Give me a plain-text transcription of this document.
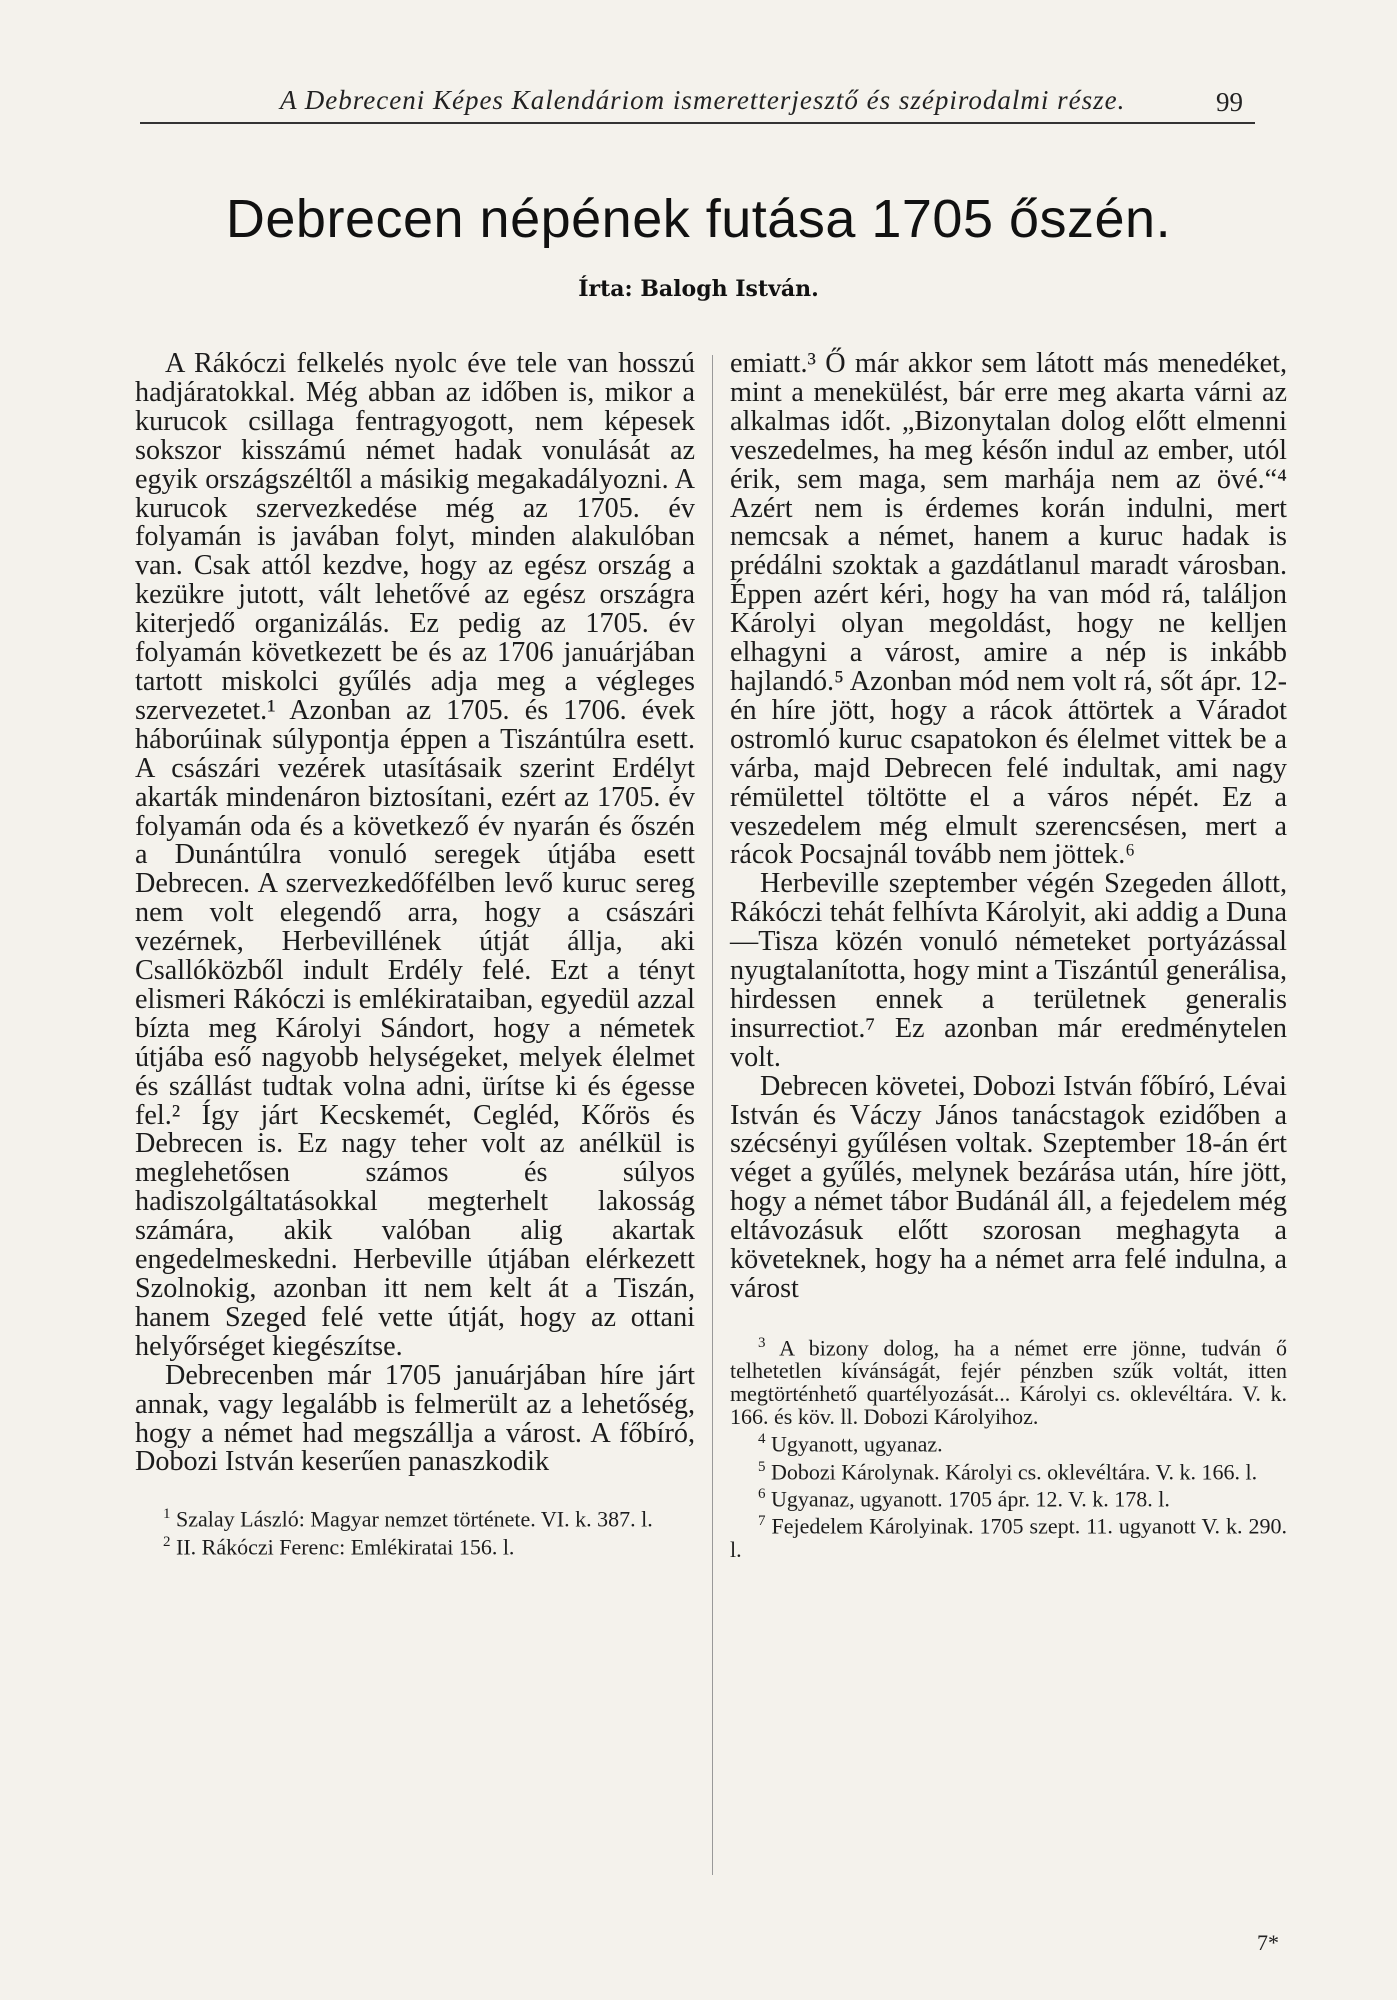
A Debreceni Képes Kalendáriom ismeretterjesztő és szépirodalmi része.	99
Debrecen népének futása 1705 őszén.
Írta: Balogh István.

A Rákóczi felkelés nyolc éve tele van hosszú hadjáratokkal. Még abban az időben is, mikor a kurucok csillaga fentragyogott, nem képesek sokszor kisszámú német hadak vonulását az egyik országszéltől a másikig megakadályozni. A kurucok szervezkedése még az 1705. év folyamán is javában folyt, minden alakulóban van. Csak attól kezdve, hogy az egész ország a kezükre jutott, vált lehetővé az egész országra kiterjedő organizálás. Ez pedig az 1705. év folyamán következett be és az 1706 januárjában tartott miskolci gyűlés adja meg a végleges szervezetet.¹ Azonban az 1705. és 1706. évek háborúinak súlypontja éppen a Tiszántúlra esett. A császári vezérek utasításaik szerint Erdélyt akarták mindenáron biztosítani, ezért az 1705. év folyamán oda és a következő év nyarán és őszén a Dunántúlra vonuló seregek útjába esett Debrecen. A szervezkedőfélben levő kuruc sereg nem volt elegendő arra, hogy a császári vezérnek, Herbevillének útját állja, aki Csallóközből indult Erdély felé. Ezt a tényt elismeri Rákóczi is emlékirataiban, egyedül azzal bízta meg Károlyi Sándort, hogy a németek útjába eső nagyobb helységeket, melyek élelmet és szállást tudtak volna adni, ürítse ki és égesse fel.² Így járt Kecskemét, Cegléd, Kőrös és Debrecen is. Ez nagy teher volt az anélkül is meglehetősen számos és súlyos hadiszolgáltatásokkal megterhelt lakosság számára, akik valóban alig akartak engedelmeskedni. Herbeville útjában elérkezett Szolnokig, azonban itt nem kelt át a Tiszán, hanem Szeged felé vette útját, hogy az ottani helyőrséget kiegészítse.

Debrecenben már 1705 januárjában híre járt annak, vagy legalább is felmerült az a lehetőség, hogy a német had megszállja a várost. A főbíró, Dobozi István keserűen panaszkodik

$^1$ Szalay László: Magyar nemzet története. VI. k. 387. l.

$^2$ II. Rákóczi Ferenc: Emlékiratai 156. l.

emiatt.³ Ő már akkor sem látott más menedéket, mint a menekülést, bár erre meg akarta várni az alkalmas időt. „Bizonytalan dolog előtt elmenni veszedelmes, ha meg későn indul az ember, utól érik, sem maga, sem marhája nem az övé.“⁴ Azért nem is érdemes korán indulni, mert nemcsak a német, hanem a kuruc hadak is prédálni szoktak a gazdátlanul maradt városban. Éppen azért kéri, hogy ha van mód rá, találjon Károlyi olyan megoldást, hogy ne kelljen elhagyni a várost, amire a nép is inkább hajlandó.⁵ Azonban mód nem volt rá, sőt ápr. 12-én híre jött, hogy a rácok áttörtek a Váradot ostromló kuruc csapatokon és élelmet vittek be a várba, majd Debrecen felé indultak, ami nagy rémülettel töltötte el a város népét. Ez a veszedelem még elmult szerencsésen, mert a rácok Pocsajnál tovább nem jöttek.⁶

Herbeville szeptember végén Szegeden állott, Rákóczi tehát felhívta Károlyit, aki addig a Duna—Tisza közén vonuló németeket portyázással nyugtalanította, hogy mint a Tiszántúl generálisa, hirdessen ennek a területnek generalis insurrectiot.⁷ Ez azonban már eredménytelen volt.

Debrecen követei, Dobozi István főbíró, Lévai István és Váczy János tanácstagok ezidőben a szécsényi gyűlésen voltak. Szeptember 18-án ért véget a gyűlés, melynek bezárása után, híre jött, hogy a német tábor Budánál áll, a fejedelem még eltávozásuk előtt szorosan meghagyta a követeknek, hogy ha a német arra felé indulna, a várost

$^3$ A bizony dolog, ha a német erre jönne, tudván ő telhetetlen kívánságát, fejér pénzben szűk voltát, itten megtörténhető quartélyozását... Károlyi cs. oklevéltára. V. k. 166. és köv. ll. Dobozi Károlyihoz.

$^4$ Ugyanott, ugyanaz.

$^5$ Dobozi Károlynak. Károlyi cs. oklevéltára. V. k. 166. l.

$^6$ Ugyanaz, ugyanott. 1705 ápr. 12. V. k. 178. l.

$^7$ Fejedelem Károlyinak. 1705 szept. 11. ugyanott V. k. 290. l.

7*
